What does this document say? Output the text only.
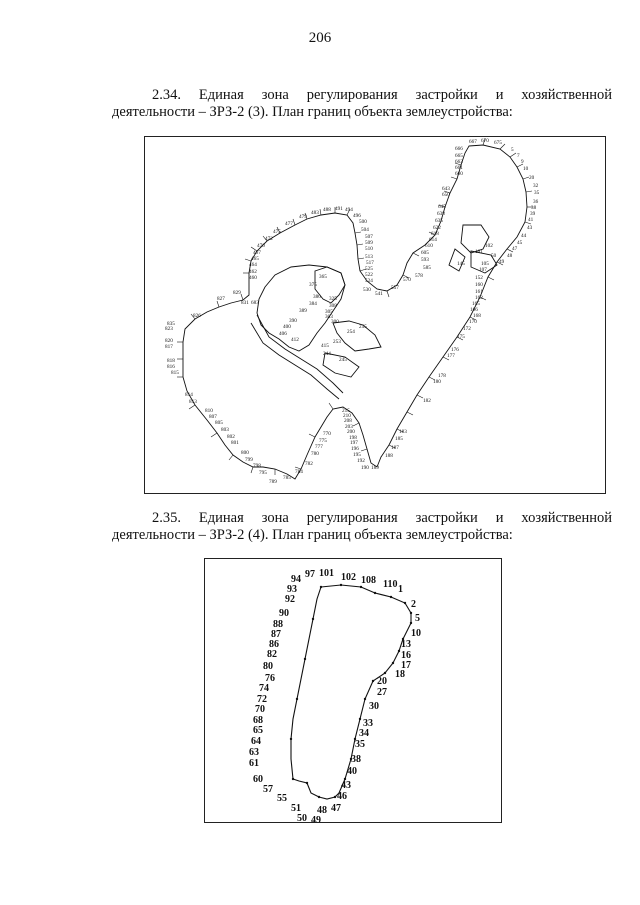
206
2.34. Единая зона регулирования застройки и хозяйственной
деятельности – ЗРЗ-2 (3). План границ объекта землеустройства:
667 670 675
666
665
663
661
660
5
7
9
10
20
32
35
36
38
39
41
43
44
45
47
48
49
50
101
102
107
105
145
152
160
161
162
165
166
168
170
172
175
176
177
178
180
182
183
185
187
188
189
190
192
195
196
197
198
200
203
208
210
215
643
650
645
638
635
622
618
614
610
605
593
585
578
570
557
541
530
524
522
525
517
513
510
509
507
504
500
496
494
491
488
483
479
477
475
472
470
467
465
464
462
460
829
827
831 683
826
823
820
817
818
816
815
814
813
810
807
805
803
802
801
800
799
798
795
789
785
784
782
780
777
775
770
365
375
380
384
389
390
400
406
412
415
244
245
253
254
255
300
303
305
308
325
835
2.35. Единая зона регулирования застройки и хозяйственной
деятельности – ЗРЗ-2 (4). План границ объекта землеустройства:
97 101 102 108 110 1
94
93
92	2
5
90
88
10
87
86	13
82	16
80	17
18
76	20
74	27
72
70	30
68
65
33
34
64	35
63
38
61
40
60
43
57
46
55
51 48 47
50 49
